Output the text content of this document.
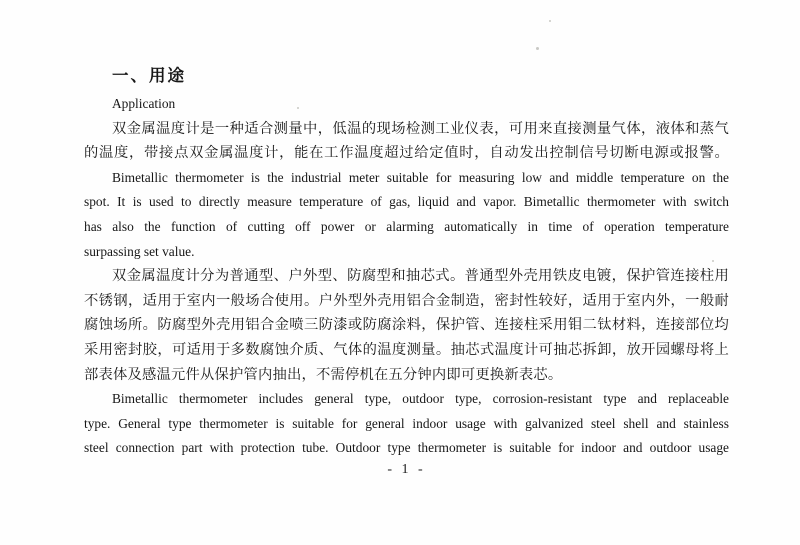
一、用途
Application
双金属温度计是一种适合测量中，低温的现场检测工业仪表，可用来直接测量气体，液体和蒸气
的温度，带接点双金属温度计，能在工作温度超过给定值时，自动发出控制信号切断电源或报警。
Bimetallic thermometer is the industrial meter suitable for measuring low and middle temperature on the
spot. It is used to directly measure temperature of gas, liquid and vapor. Bimetallic thermometer with switch
has also the function of cutting off power or alarming automatically in time of operation temperature
surpassing set value.
双金属温度计分为普通型、户外型、防腐型和抽芯式。普通型外壳用铁皮电镀，保护管连接柱用
不锈钢，适用于室内一般场合使用。户外型外壳用铝合金制造，密封性较好，适用于室内外，一般耐
腐蚀场所。防腐型外壳用铝合金喷三防漆或防腐涂料，保护管、连接柱采用钼二钛材料，连接部位均
采用密封胶，可适用于多数腐蚀介质、气体的温度测量。抽芯式温度计可抽芯拆卸，放开园螺母将上
部表体及感温元件从保护管内抽出，不需停机在五分钟内即可更换新表芯。
Bimetallic thermometer includes general type, outdoor type, corrosion-resistant type and replaceable
type. General type thermometer is suitable for general indoor usage with galvanized steel shell and stainless
steel connection part with protection tube. Outdoor type thermometer is suitable for indoor and outdoor usage
- 1 -
